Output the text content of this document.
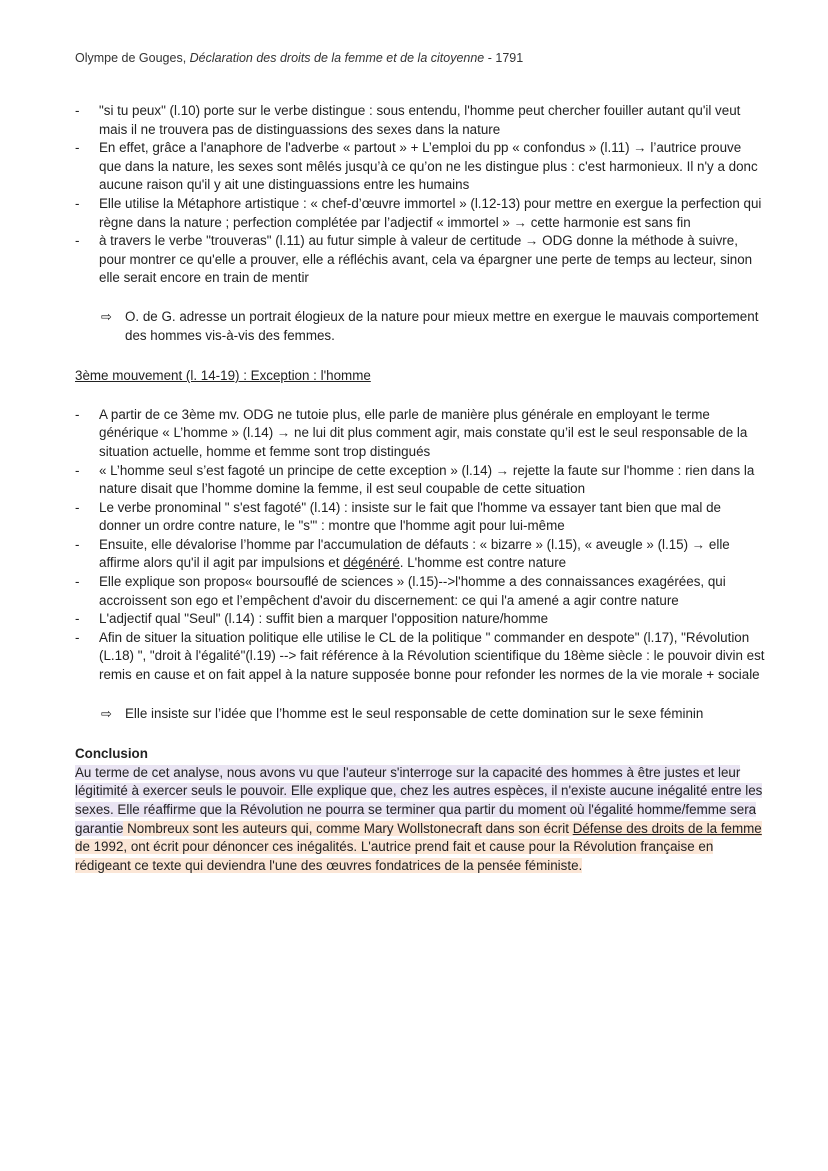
Olympe de Gouges, Déclaration des droits de la femme et de la citoyenne - 1791
- "si tu peux" (l.10) porte sur le verbe distingue : sous entendu, l'homme peut chercher fouiller autant qu'il veut mais il ne trouvera pas de distinguassions des sexes dans la nature
- En effet, grâce a l'anaphore de l'adverbe « partout » + L’emploi du pp « confondus » (l.11) → l’autrice prouve que dans la nature, les sexes sont mêlés jusqu’à ce qu’on ne les distingue plus : c'est harmonieux. Il n'y a donc aucune raison qu'il y ait une distinguassions entre les humains
- Elle utilise la Métaphore artistique : « chef-d’œuvre immortel » (l.12-13) pour mettre en exergue la perfection qui règne dans la nature ; perfection complétée par l’adjectif « immortel » → cette harmonie est sans fin
- à travers le verbe "trouveras" (l.11) au futur simple à valeur de certitude → ODG donne la méthode à suivre, pour montrer ce qu'elle a prouver, elle a réfléchis avant, cela va épargner une perte de temps au lecteur, sinon elle serait encore en train de mentir
⇨ O. de G. adresse un portrait élogieux de la nature pour mieux mettre en exergue le mauvais comportement des hommes vis-à-vis des femmes.
3ème mouvement (l. 14-19) : Exception : l'homme
- A partir de ce 3ème mv. ODG ne tutoie plus, elle parle de manière plus générale en employant le terme générique « L’homme » (l.14) → ne lui dit plus comment agir, mais constate qu’il est le seul responsable de la situation actuelle, homme et femme sont trop distingués
- « L’homme seul s’est fagoté un principe de cette exception » (l.14) → rejette la faute sur l'homme : rien dans la nature disait que l’homme domine la femme, il est seul coupable de cette situation
- Le verbe pronominal " s'est fagoté" (l.14) : insiste sur le fait que l'homme va essayer tant bien que mal de donner un ordre contre nature, le "s'" : montre que l'homme agit pour lui-même
- Ensuite, elle dévalorise l’homme par l'accumulation de défauts : « bizarre » (l.15), « aveugle » (l.15) → elle affirme alors qu'il il agit par impulsions et dégénéré. L'homme est contre nature
- Elle explique son propos« boursouflé de sciences » (l.15)-->l'homme a des connaissances exagérées, qui accroissent son ego et l’empêchent d'avoir du discernement: ce qui l'a amené a agir contre nature
- L'adjectif qual "Seul" (l.14) : suffit bien a marquer l'opposition nature/homme
- Afin de situer la situation politique elle utilise le CL de la politique " commander en despote" (l.17), "Révolution (L.18) ", "droit à l'égalité"(l.19) --> fait référence à la Révolution scientifique du 18ème siècle : le pouvoir divin est remis en cause et on fait appel à la nature supposée bonne pour refonder les normes de la vie morale + sociale
⇨ Elle insiste sur l’idée que l’homme est le seul responsable de cette domination sur le sexe féminin
Conclusion
Au terme de cet analyse, nous avons vu que l'auteur s'interroge sur la capacité des hommes à être justes et leur légitimité à exercer seuls le pouvoir. Elle explique que, chez les autres espèces, il n'existe aucune inégalité entre les sexes. Elle réaffirme que la Révolution ne pourra se terminer qua partir du moment où l'égalité homme/femme sera garantie Nombreux sont les auteurs qui, comme Mary Wollstonecraft dans son écrit Défense des droits de la femme de 1992, ont écrit pour dénoncer ces inégalités. L'autrice prend fait et cause pour la Révolution française en rédigeant ce texte qui deviendra l'une des œuvres fondatrices de la pensée féministe.
